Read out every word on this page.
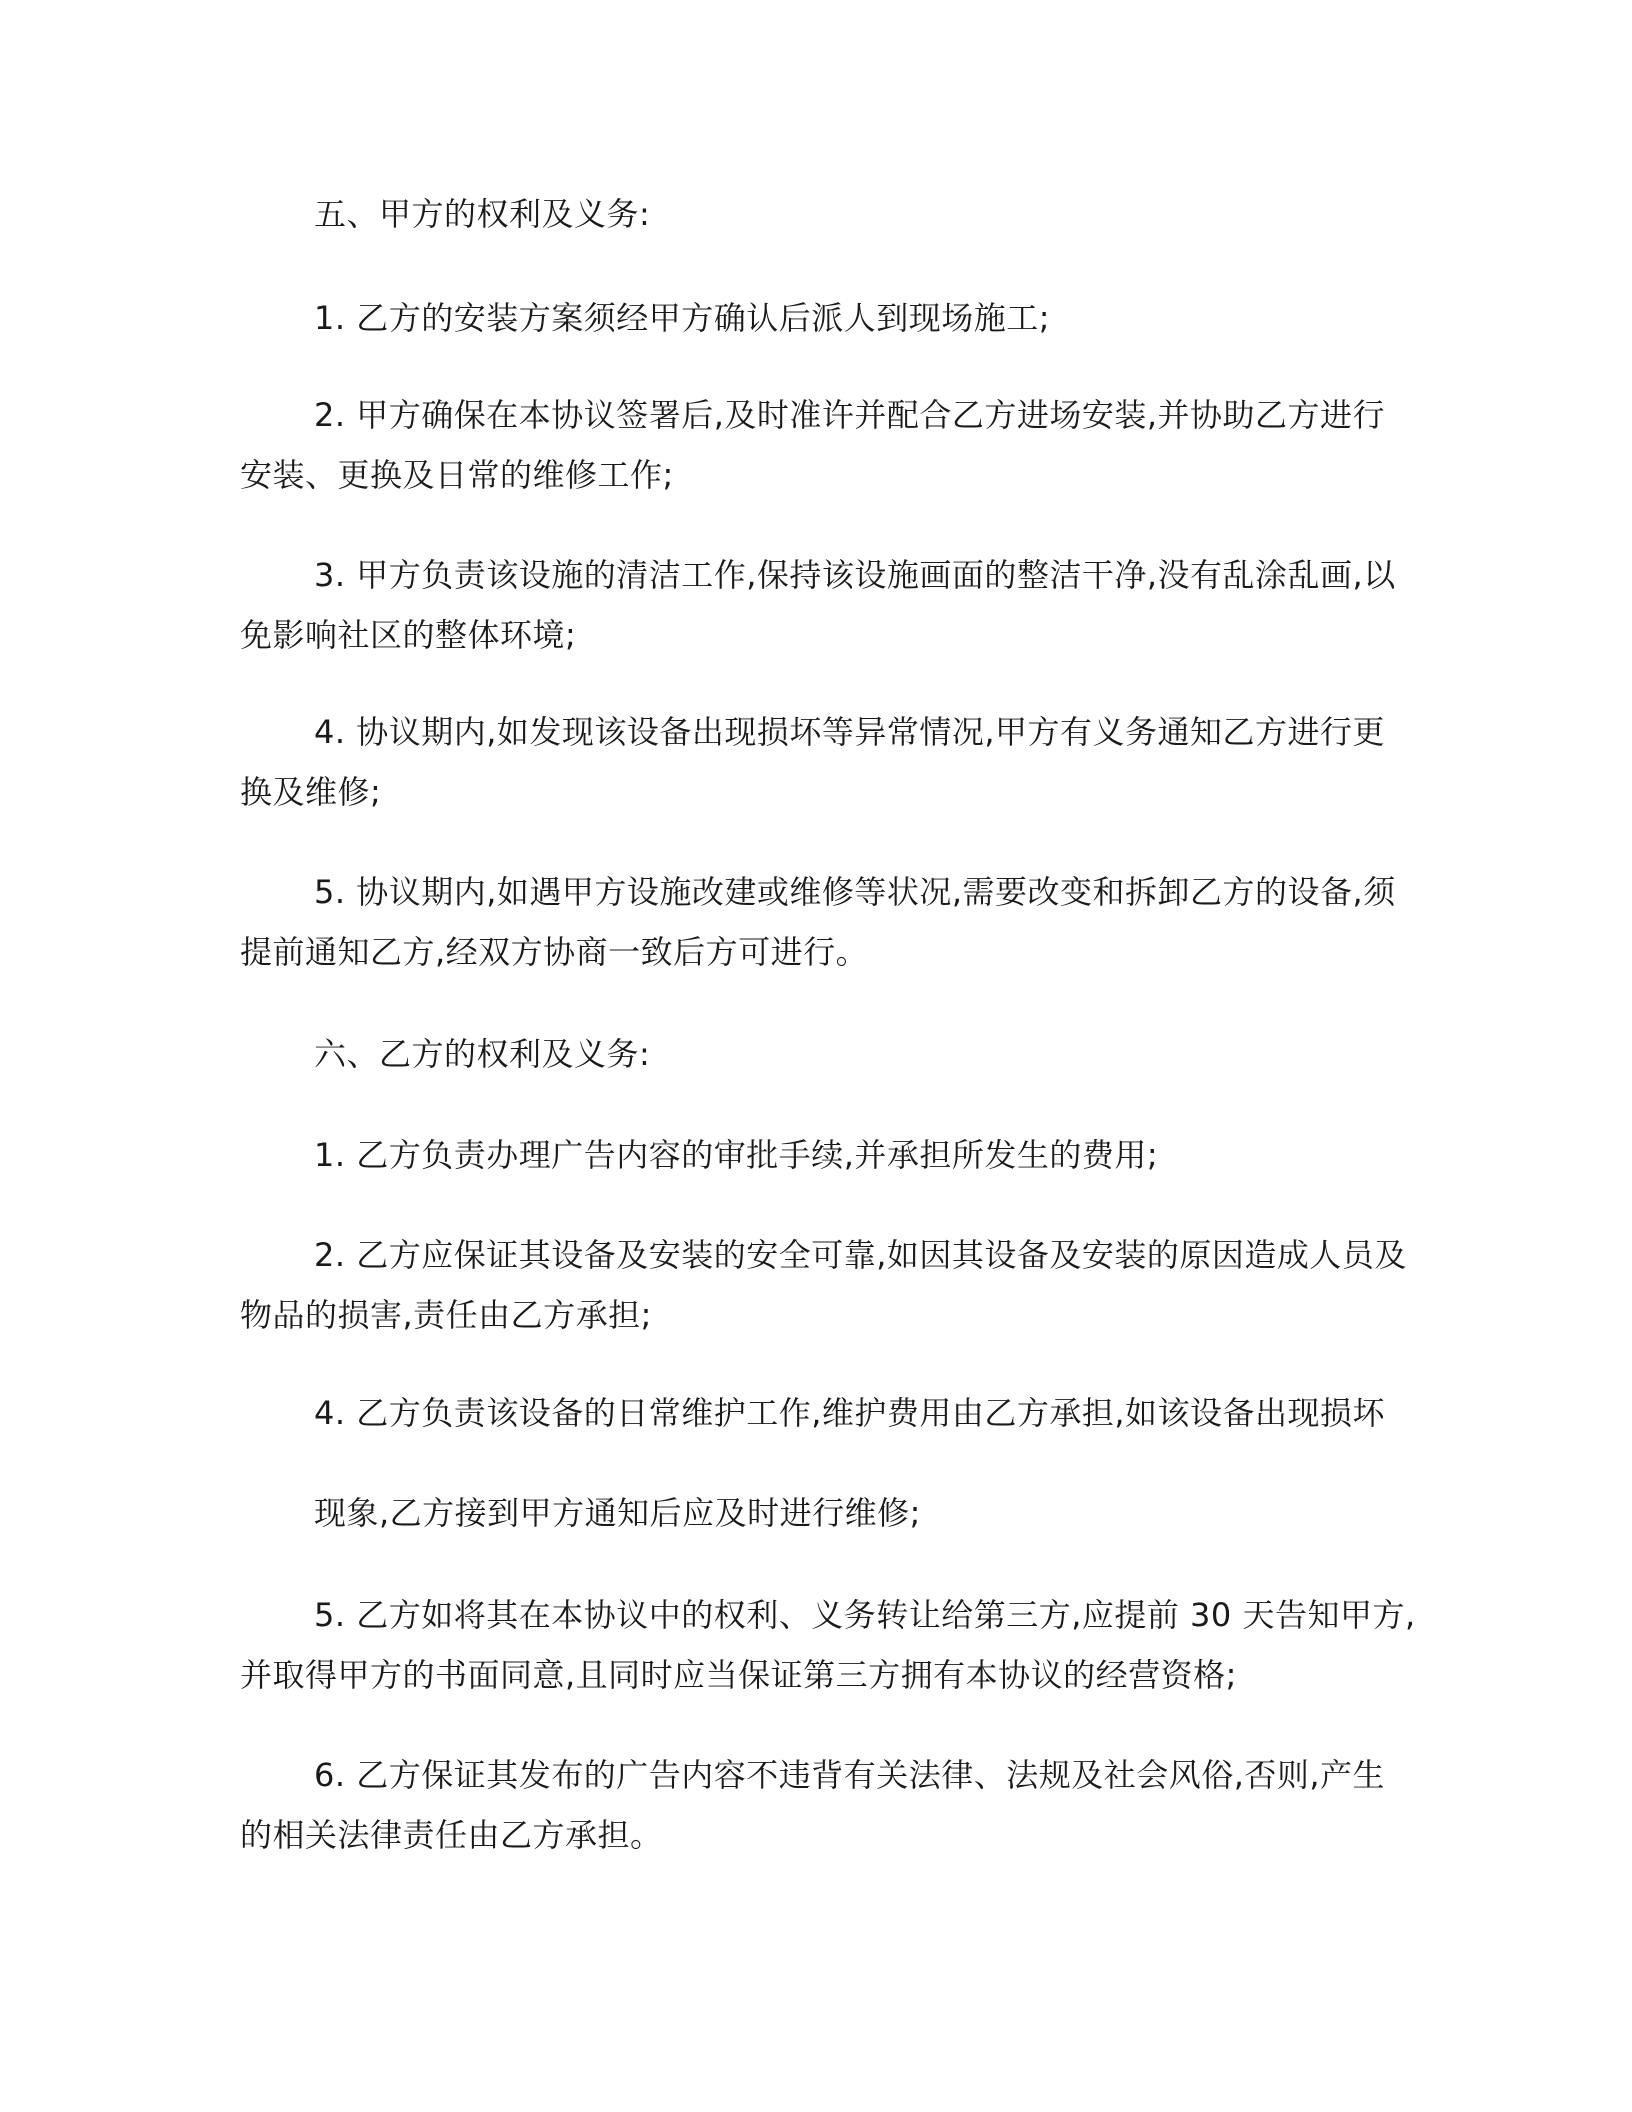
五、甲方的权利及义务:
1. 乙方的安装方案须经甲方确认后派人到现场施工;
2. 甲方确保在本协议签署后,及时准许并配合乙方进场安装,并协助乙方进行
安装、更换及日常的维修工作;
3. 甲方负责该设施的清洁工作,保持该设施画面的整洁干净,没有乱涂乱画,以
免影响社区的整体环境;
4. 协议期内,如发现该设备出现损坏等异常情况,甲方有义务通知乙方进行更
换及维修;
5. 协议期内,如遇甲方设施改建或维修等状况,需要改变和拆卸乙方的设备,须
提前通知乙方,经双方协商一致后方可进行。
六、乙方的权利及义务:
1. 乙方负责办理广告内容的审批手续,并承担所发生的费用;
2. 乙方应保证其设备及安装的安全可靠,如因其设备及安装的原因造成人员及
物品的损害,责任由乙方承担;
4. 乙方负责该设备的日常维护工作,维护费用由乙方承担,如该设备出现损坏
现象,乙方接到甲方通知后应及时进行维修;
5. 乙方如将其在本协议中的权利、义务转让给第三方,应提前 30 天告知甲方,
并取得甲方的书面同意,且同时应当保证第三方拥有本协议的经营资格;
6. 乙方保证其发布的广告内容不违背有关法律、法规及社会风俗,否则,产生
的相关法律责任由乙方承担。
